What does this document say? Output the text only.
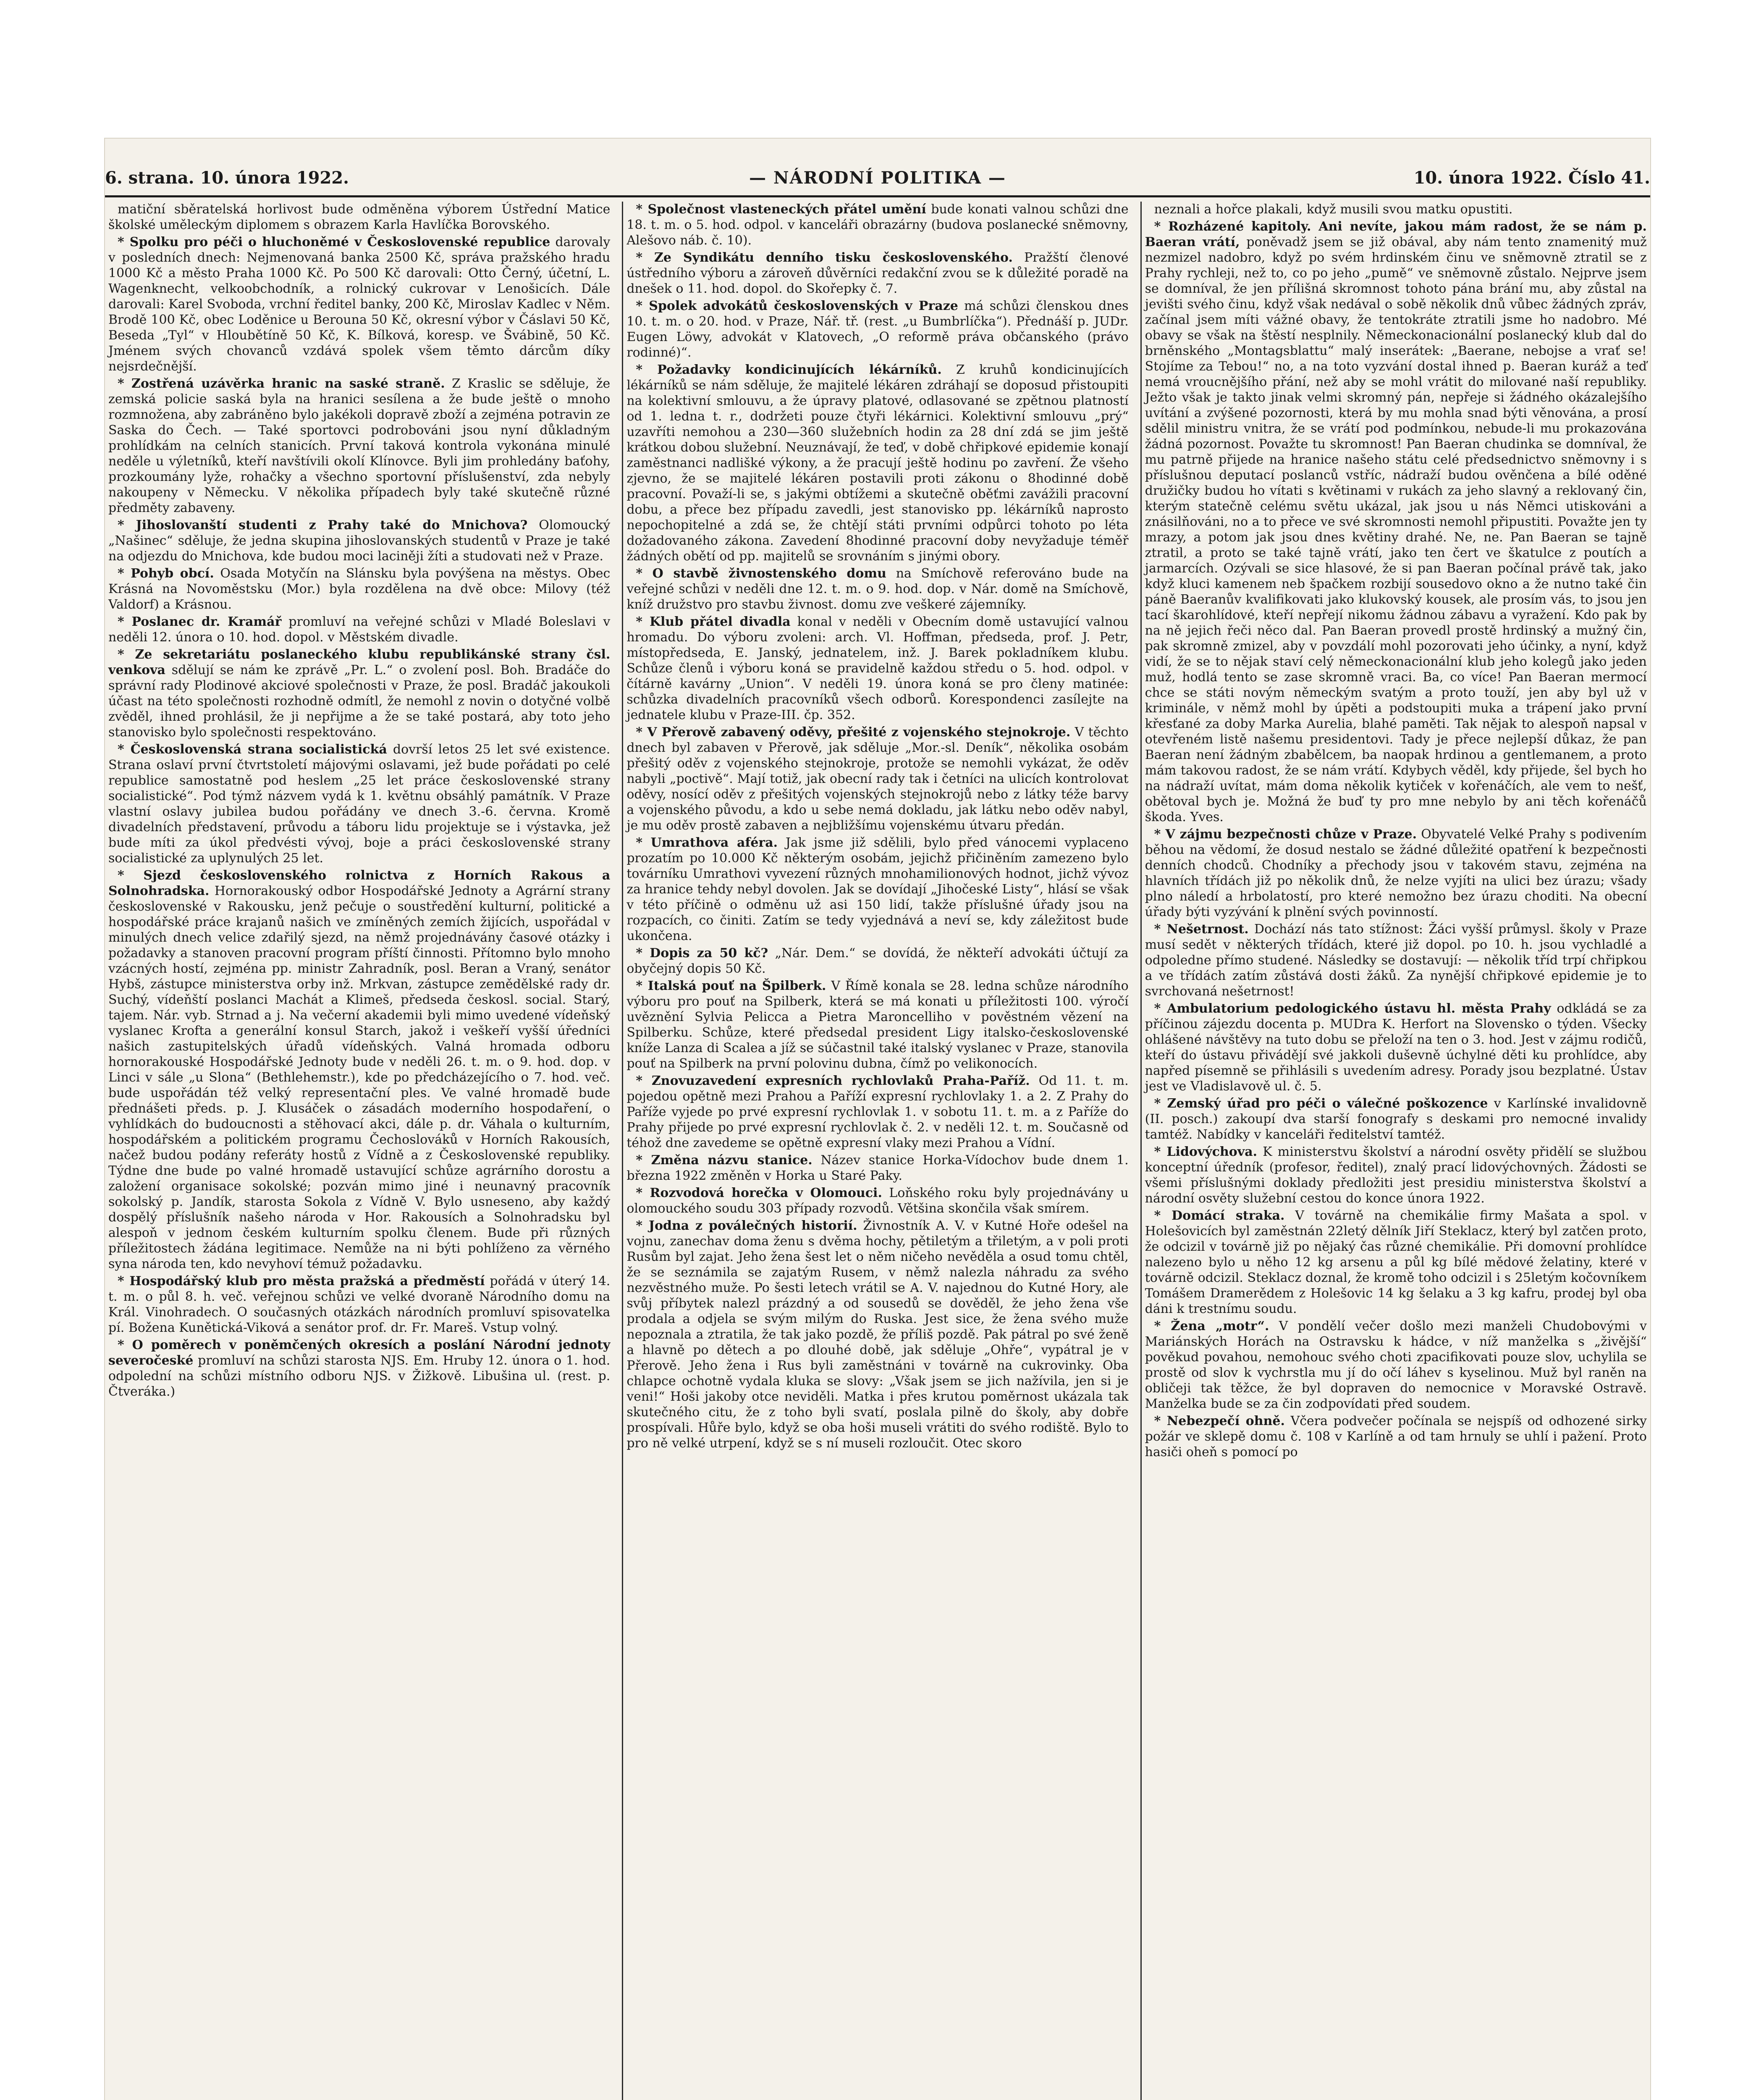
6. strana. 10. února 1922.	— NÁRODNÍ POLITIKA —	10. února 1922. Číslo 41.

matiční sběratelská horlivost bude odměněna výborem Ústřední Matice školské uměleckým diplomem s obrazem Karla Havlíčka Borovského.

* Spolku pro péči o hluchoněmé v Československé republice darovaly v posledních dnech: Nejmenovaná banka 2500 Kč, správa pražského hradu 1000 Kč a město Praha 1000 Kč. Po 500 Kč darovali: Otto Černý, účetní, L. Wagenknecht, velkoobchodník, a rolnický cukrovar v Lenošicích. Dále darovali: Karel Svoboda, vrchní ředitel banky, 200 Kč, Miroslav Kadlec v Něm. Brodě 100 Kč, obec Loděnice u Berouna 50 Kč, okresní výbor v Čáslavi 50 Kč, Beseda „Tyl“ v Hloubětíně 50 Kč, K. Bílková, koresp. ve Švábině, 50 Kč. Jménem svých chovanců vzdává spolek všem těmto dárcům díky nejsrdečnější.

* Zostřená uzávěrka hranic na saské straně. Z Kraslic se sděluje, že zemská policie saská byla na hranici sesílena a že bude ještě o mnoho rozmnožena, aby zabráněno bylo jakékoli dopravě zboží a zejména potravin ze Saska do Čech. — Také sportovci podrobováni jsou nyní důkladným prohlídkám na celních stanicích. První taková kontrola vykonána minulé neděle u výletníků, kteří navštívili okolí Klínovce. Byli jim prohledány baťohy, prozkoumány lyže, rohačky a všechno sportovní příslušenství, zda nebyly nakoupeny v Německu. V několika případech byly také skutečně různé předměty zabaveny.

* Jihoslovanští studenti z Prahy také do Mnichova? Olomoucký „Našinec“ sděluje, že jedna skupina jihoslovanských studentů v Praze je také na odjezdu do Mnichova, kde budou moci laciněji žíti a studovati než v Praze.

* Pohyb obcí. Osada Motyčín na Slánsku byla povýšena na městys. Obec Krásná na Novoměstsku (Mor.) byla rozdělena na dvě obce: Milovy (též Valdorf) a Krásnou.

* Poslanec dr. Kramář promluví na veřejné schůzi v Mladé Boleslavi v neděli 12. února o 10. hod. dopol. v Městském divadle.

* Ze sekretariátu poslaneckého klubu republikánské strany čsl. venkova sdělují se nám ke zprávě „Pr. L.“ o zvolení posl. Boh. Bradáče do správní rady Plodinové akciové společnosti v Praze, že posl. Bradáč jakoukoli účast na této společnosti rozhodně odmítl, že nemohl z novin o dotyčné volbě zvěděl, ihned prohlásil, že ji nepřijme a že se také postará, aby toto jeho stanovisko bylo společnosti respektováno.

* Československá strana socialistická dovrší letos 25 let své existence. Strana oslaví první čtvrtstoletí májovými oslavami, jež bude pořádati po celé republice samostatně pod heslem „25 let práce československé strany socialistické“. Pod týmž názvem vydá k 1. květnu obsáhlý památník. V Praze vlastní oslavy jubilea budou pořádány ve dnech 3.-6. června. Kromě divadelních představení, průvodu a táboru lidu projektuje se i výstavka, jež bude míti za úkol předvésti vývoj, boje a práci československé strany socialistické za uplynulých 25 let.

* Sjezd československého rolnictva z Horních Rakous a Solnohradska. Hornorakouský odbor Hospodářské Jednoty a Agrární strany československé v Rakousku, jenž pečuje o soustředění kulturní, politické a hospodářské práce krajanů našich ve zmíněných zemích žijících, uspořádal v minulých dnech velice zdařilý sjezd, na němž projednávány časové otázky i požadavky a stanoven pracovní program příští činnosti. Přítomno bylo mnoho vzácných hostí, zejména pp. ministr Zahradník, posl. Beran a Vraný, senátor Hybš, zástupce ministerstva orby inž. Mrkvan, zástupce zemědělské rady dr. Suchý, vídeňští poslanci Machát a Klimeš, předseda českosl. social. Starý, tajem. Nár. vyb. Strnad a j. Na večerní akademii byli mimo uvedené vídeňský vyslanec Krofta a generální konsul Starch, jakož i veškeří vyšší úředníci našich zastupitelských úřadů vídeňských. Valná hromada odboru hornorakouské Hospodářské Jednoty bude v neděli 26. t. m. o 9. hod. dop. v Linci v sále „u Slona“ (Bethlehemstr.), kde po předcházejícího o 7. hod. več. bude uspořádán též velký representační ples. Ve valné hromadě bude přednášeti předs. p. J. Klusáček o zásadách moderního hospodaření, o vyhlídkách do budoucnosti a stěhovací akci, dále p. dr. Váhala o kulturním, hospodářském a politickém programu Čechoslováků v Horních Rakousích, načež budou podány referáty hostů z Vídně a z Československé republiky. Týdne dne bude po valné hromadě ustavující schůze agrárního dorostu a založení organisace sokolské; pozván mimo jiné i neunavný pracovník sokolský p. Jandík, starosta Sokola z Vídně V. Bylo usneseno, aby každý dospělý příslušník našeho národa v Hor. Rakousích a Solnohradsku byl alespoň v jednom českém kulturním spolku členem. Bude při různých příležitostech žádána legitimace. Nemůže na ni býti pohlíženo za věrného syna národa ten, kdo nevyhoví témuž požadavku.

* Hospodářský klub pro města pražská a předměstí pořádá v úterý 14. t. m. o půl 8. h. več. veřejnou schůzi ve velké dvoraně Národního domu na Král. Vinohradech. O současných otázkách národních promluví spisovatelka pí. Božena Kunětická-Viková a senátor prof. dr. Fr. Mareš. Vstup volný.

* O poměrech v poněmčených okresích a poslání Národní jednoty severočeské promluví na schůzi starosta NJS. Em. Hruby 12. února o 1. hod. odpolední na schůzi místního odboru NJS. v Žižkově. Libušina ul. (rest. p. Čtveráka.)

* Společnost vlasteneckých přátel umění bude konati valnou schůzi dne 18. t. m. o 5. hod. odpol. v kanceláři obrazárny (budova poslanecké sněmovny, Alešovo náb. č. 10).

* Ze Syndikátu denního tisku československého. Pražští členové ústředního výboru a zároveň důvěrníci redakční zvou se k důležité poradě na dnešek o 11. hod. dopol. do Skořepky č. 7.

* Spolek advokátů československých v Praze má schůzi členskou dnes 10. t. m. o 20. hod. v Praze, Nář. tř. (rest. „u Bumbrlíčka“). Přednáší p. JUDr. Eugen Löwy, advokát v Klatovech, „O reformě práva občanského (právo rodinné)“.

* Požadavky kondicinujících lékárníků. Z kruhů kondicinujících lékárníků se nám sděluje, že majitelé lékáren zdráhají se doposud přistoupiti na kolektivní smlouvu, a že úpravy platové, odlasované se zpětnou platností od 1. ledna t. r., dodržeti pouze čtyři lékárnici. Kolektivní smlouvu „prý“ uzavříti nemohou a 230—360 služebních hodin za 28 dní zdá se jim ještě krátkou dobou služební. Neuznávají, že teď, v době chřipkové epidemie konají zaměstnanci nadlišké výkony, a že pracují ještě hodinu po zavření. Že všeho zjevno, že se majitelé lékáren postavili proti zákonu o 8hodinné době pracovní. Považí-li se, s jakými obtížemi a skutečně oběťmi zavážili pracovní dobu, a přece bez případu zavedli, jest stanovisko pp. lékárníků naprosto nepochopitelné a zdá se, že chtějí státi prvními odpůrci tohoto po léta dožadovaného zákona. Zavedení 8hodinné pracovní doby nevyžaduje téměř žádných obětí od pp. majitelů se srovnáním s jinými obory.

* O stavbě živnostenského domu na Smíchově referováno bude na veřejné schůzi v neděli dne 12. t. m. o 9. hod. dop. v Nár. domě na Smíchově, kníž družstvo pro stavbu živnost. domu zve veškeré zájemníky.

* Klub přátel divadla konal v neděli v Obecním domě ustavující valnou hromadu. Do výboru zvoleni: arch. Vl. Hoffman, předseda, prof. J. Petr, místopředseda, E. Janský, jednatelem, inž. J. Barek pokladníkem klubu. Schůze členů i výboru koná se pravidelně každou středu o 5. hod. odpol. v čítárně kavárny „Union“. V neděli 19. února koná se pro členy matinée: schůzka divadelních pracovníků všech odborů. Korespondenci zasílejte na jednatele klubu v Praze-III. čp. 352.

* V Přerově zabavený oděvy, přešité z vojenského stejnokroje. V těchto dnech byl zabaven v Přerově, jak sděluje „Mor.-sl. Deník“, několika osobám přešitý oděv z vojenského stejnokroje, protože se nemohli vykázat, že oděv nabyli „poctivě“. Mají totiž, jak obecní rady tak i četníci na ulicích kontrolovat oděvy, nosící oděv z přešitých vojenských stejnokrojů nebo z látky téže barvy a vojenského původu, a kdo u sebe nemá dokladu, jak látku nebo oděv nabyl, je mu oděv prostě zabaven a nejbližšímu vojenskému útvaru předán.

* Umrathova aféra. Jak jsme již sdělili, bylo před vánocemi vyplaceno prozatím po 10.000 Kč některým osobám, jejichž přičiněním zamezeno bylo továrníku Umrathovi vyvezení různých mnohamilionových hodnot, jichž vývoz za hranice tehdy nebyl dovolen. Jak se dovídají „Jihočeské Listy“, hlásí se však v této příčině o odměnu už asi 150 lidí, takže příslušné úřady jsou na rozpacích, co činiti. Zatím se tedy vyjednává a neví se, kdy záležitost bude ukončena.

* Dopis za 50 kč? „Nár. Dem.“ se dovídá, že někteří advokáti účtují za obyčejný dopis 50 Kč.

* Italská pouť na Špilberk. V Římě konala se 28. ledna schůze národního výboru pro pouť na Spilberk, která se má konati u příležitosti 100. výročí uvěznění Sylvia Pelicca a Pietra Maroncelliho v pověstném vězení na Spilberku. Schůze, které předsedal president Ligy italsko-československé kníže Lanza di Scalea a jíž se súčastnil také italský vyslanec v Praze, stanovila pouť na Spilberk na první polovinu dubna, čímž po velikonocích.

* Znovuzavedení expresních rychlovlaků Praha-Paříž. Od 11. t. m. pojedou opětně mezi Prahou a Paříží expresní rychlovlaky 1. a 2. Z Prahy do Paříže vyjede po prvé expresní rychlovlak 1. v sobotu 11. t. m. a z Paříže do Prahy přijede po prvé expresní rychlovlak č. 2. v neděli 12. t. m. Současně od téhož dne zavedeme se opětně expresní vlaky mezi Prahou a Vídní.

* Změna názvu stanice. Název stanice Horka-Vídochov bude dnem 1. března 1922 změněn v Horka u Staré Paky.

* Rozvodová horečka v Olomouci. Loňského roku byly projednávány u olomouckého soudu 303 případy rozvodů. Většina skončila však smírem.

* Jodna z poválečných historií. Živnostník A. V. v Kutné Hoře odešel na vojnu, zanechav doma ženu s dvěma hochy, pětiletým a třiletým, a v poli proti Rusům byl zajat. Jeho žena šest let o něm ničeho nevěděla a osud tomu chtěl, že se seznámila se zajatým Rusem, v němž nalezla náhradu za svého nezvěstného muže. Po šesti letech vrátil se A. V. najednou do Kutné Hory, ale svůj příbytek nalezl prázdný a od sousedů se dověděl, že jeho žena vše prodala a odjela se svým milým do Ruska. Jest sice, že žena svého muže nepoznala a ztratila, že tak jako pozdě, že příliš pozdě. Pak pátral po své ženě a hlavně po dětech a po dlouhé době, jak sděluje „Ohře“, vypátral je v Přerově. Jeho žena i Rus byli zaměstnáni v továrně na cukrovinky. Oba chlapce ochotně vydala kluka se slovy: „Však jsem se jich nažívila, jen si je veni!“ Hoši jakoby otce neviděli. Matka i přes krutou poměrnost ukázala tak skutečného citu, že z toho byli svatí, poslala pilně do školy, aby dobře prospívali. Hůře bylo, když se oba hoši museli vrátiti do svého rodiště. Bylo to pro ně velké utrpení, když se s ní museli rozloučit. Otec skoro

neznali a hořce plakali, když musili svou matku opustiti.

* Rozházené kapitoly. Ani nevíte, jakou mám radost, že se nám p. Baeran vrátí, poněvadž jsem se již obával, aby nám tento znamenitý muž nezmizel nadobro, když po svém hrdinském činu ve sněmovně ztratil se z Prahy rychleji, než to, co po jeho „pumě“ ve sněmovně zůstalo. Nejprve jsem se domníval, že jen přílišná skromnost tohoto pána brání mu, aby zůstal na jevišti svého činu, když však nedával o sobě několik dnů vůbec žádných zpráv, začínal jsem míti vážné obavy, že tentokráte ztratili jsme ho nadobro. Mé obavy se však na štěstí nesplnily. Německonacionální poslanecký klub dal do brněnského „Montagsblattu“ malý inserátek: „Baerane, nebojse a vrať se! Stojíme za Tebou!“ no, a na toto vyzvání dostal ihned p. Baeran kuráž a teď nemá vroucnějšího přání, než aby se mohl vrátit do milované naší republiky. Ježto však je takto jinak velmi skromný pán, nepřeje si žádného okázalejšího uvítání a zvýšené pozornosti, která by mu mohla snad býti věnována, a prosí sdělil ministru vnitra, že se vrátí pod podmínkou, nebude-li mu prokazována žádná pozornost. Považte tu skromnost! Pan Baeran chudinka se domníval, že mu patrně přijede na hranice našeho státu celé předsednictvo sněmovny i s příslušnou deputací poslanců vstříc, nádraží budou ověnčena a bílé oděné družičky budou ho vítati s květinami v rukách za jeho slavný a reklovaný čin, kterým statečně celému světu ukázal, jak jsou u nás Němci utiskováni a znásilňováni, no a to přece ve své skromnosti nemohl připustiti. Považte jen ty mrazy, a potom jak jsou dnes květiny drahé. Ne, ne. Pan Baeran se tajně ztratil, a proto se také tajně vrátí, jako ten čert ve škatulce z poutích a jarmarcích. Ozývali se sice hlasové, že si pan Baeran počínal právě tak, jako když kluci kamenem neb špačkem rozbijí sousedovo okno a že nutno také čin páně Baeranův kvalifikovati jako klukovský kousek, ale prosím vás, to jsou jen tací škarohlídové, kteří nepřejí nikomu žádnou zábavu a vyražení. Kdo pak by na ně jejich řeči něco dal. Pan Baeran provedl prostě hrdinský a mužný čin, pak skromně zmizel, aby v povzdálí mohl pozorovati jeho účinky, a nyní, když vidí, že se to nějak staví celý německonacionální klub jeho kolegů jako jeden muž, hodlá tento se zase skromně vraci. Ba, co více! Pan Baeran mermocí chce se státi novým německým svatým a proto touží, jen aby byl už v kriminále, v němž mohl by úpěti a podstoupiti muka a trápení jako první křesťané za doby Marka Aurelia, blahé paměti. Tak nějak to alespoň napsal v otevřeném listě našemu presidentovi. Tady je přece nejlepší důkaz, že pan Baeran není žádným zbabělcem, ba naopak hrdinou a gentlemanem, a proto mám takovou radost, že se nám vrátí. Kdybych věděl, kdy přijede, šel bych ho na nádraží uvítat, mám doma několik kytiček v kořenáčích, ale vem to nešť, obětoval bych je. Možná že buď ty pro mne nebylo by ani těch kořenáčů škoda. Yves.

* V zájmu bezpečnosti chůze v Praze. Obyvatelé Velké Prahy s podivením běhou na vědomí, že dosud nestalo se žádné důležité opatření k bezpečnosti denních chodců. Chodníky a přechody jsou v takovém stavu, zejména na hlavních třídách již po několik dnů, že nelze vyjíti na ulici bez úrazu; všady plno náledí a hrbolatostí, pro které nemožno bez úrazu choditi. Na obecní úřady býti vyzývání k plnění svých povinností.

* Nešetrnost. Dochází nás tato stížnost: Žáci vyšší průmysl. školy v Praze musí sedět v některých třídách, které již dopol. po 10. h. jsou vychladlé a odpoledne přímo studené. Následky se dostavují: — několik tříd trpí chřipkou a ve třídách zatím zůstává dosti žáků. Za nynější chřipkové epidemie je to svrchovaná nešetrnost!

* Ambulatorium pedologického ústavu hl. města Prahy odkládá se za příčinou zájezdu docenta p. MUDra K. Herfort na Slovensko o týden. Všecky ohlášené návštěvy na tuto dobu se přeloží na ten o 3. hod. Jest v zájmu rodičů, kteří do ústavu přivádějí své jakkoli duševně úchylné děti ku prohlídce, aby napřed písemně se přihlásili s uvedením adresy. Porady jsou bezplatné. Ústav jest ve Vladislavově ul. č. 5.

* Zemský úřad pro péči o válečné poškozence v Karlínské invalidovně (II. posch.) zakoupí dva starší fonografy s deskami pro nemocné invalidy tamtéž. Nabídky v kanceláři ředitelství tamtéž.

* Lidovýchova. K ministerstvu školství a národní osvěty přidělí se službou konceptní úředník (profesor, ředitel), znalý prací lidovýchovných. Žádosti se všemi příslušnými doklady předložiti jest presidiu ministerstva školství a národní osvěty služební cestou do konce února 1922.

* Domácí straka. V továrně na chemikálie firmy Mašata a spol. v Holešovicích byl zaměstnán 22letý dělník Jiří Steklacz, který byl zatčen proto, že odcizil v továrně již po nějaký čas různé chemikálie. Při domovní prohlídce nalezeno bylo u něho 12 kg arsenu a půl kg bílé mědové želatiny, které v továrně odcizil. Steklacz doznal, že kromě toho odcizil i s 25letým kočovníkem Tomášem Dramerědem z Holešovic 14 kg šelaku a 3 kg kafru, prodej byl oba dáni k trestnímu soudu.

* Žena „motr“. V pondělí večer došlo mezi manželi Chudobovými v Mariánských Horách na Ostravsku k hádce, v níž manželka s „živější“ pověkud povahou, nemohouc svého choti zpacifikovati pouze slov, uchylila se prostě od slov k vychrstla mu jí do očí láhev s kyselinou. Muž byl raněn na obličeji tak těžce, že byl dopraven do nemocnice v Moravské Ostravě. Manželka bude se za čin zodpovídati před soudem.

* Nebezpečí ohně. Včera podvečer počínala se nejspíš od odhozené sirky požár ve sklepě domu č. 108 v Karlíně a od tam hrnuly se uhlí i pažení. Proto hasiči oheň s pomocí po
